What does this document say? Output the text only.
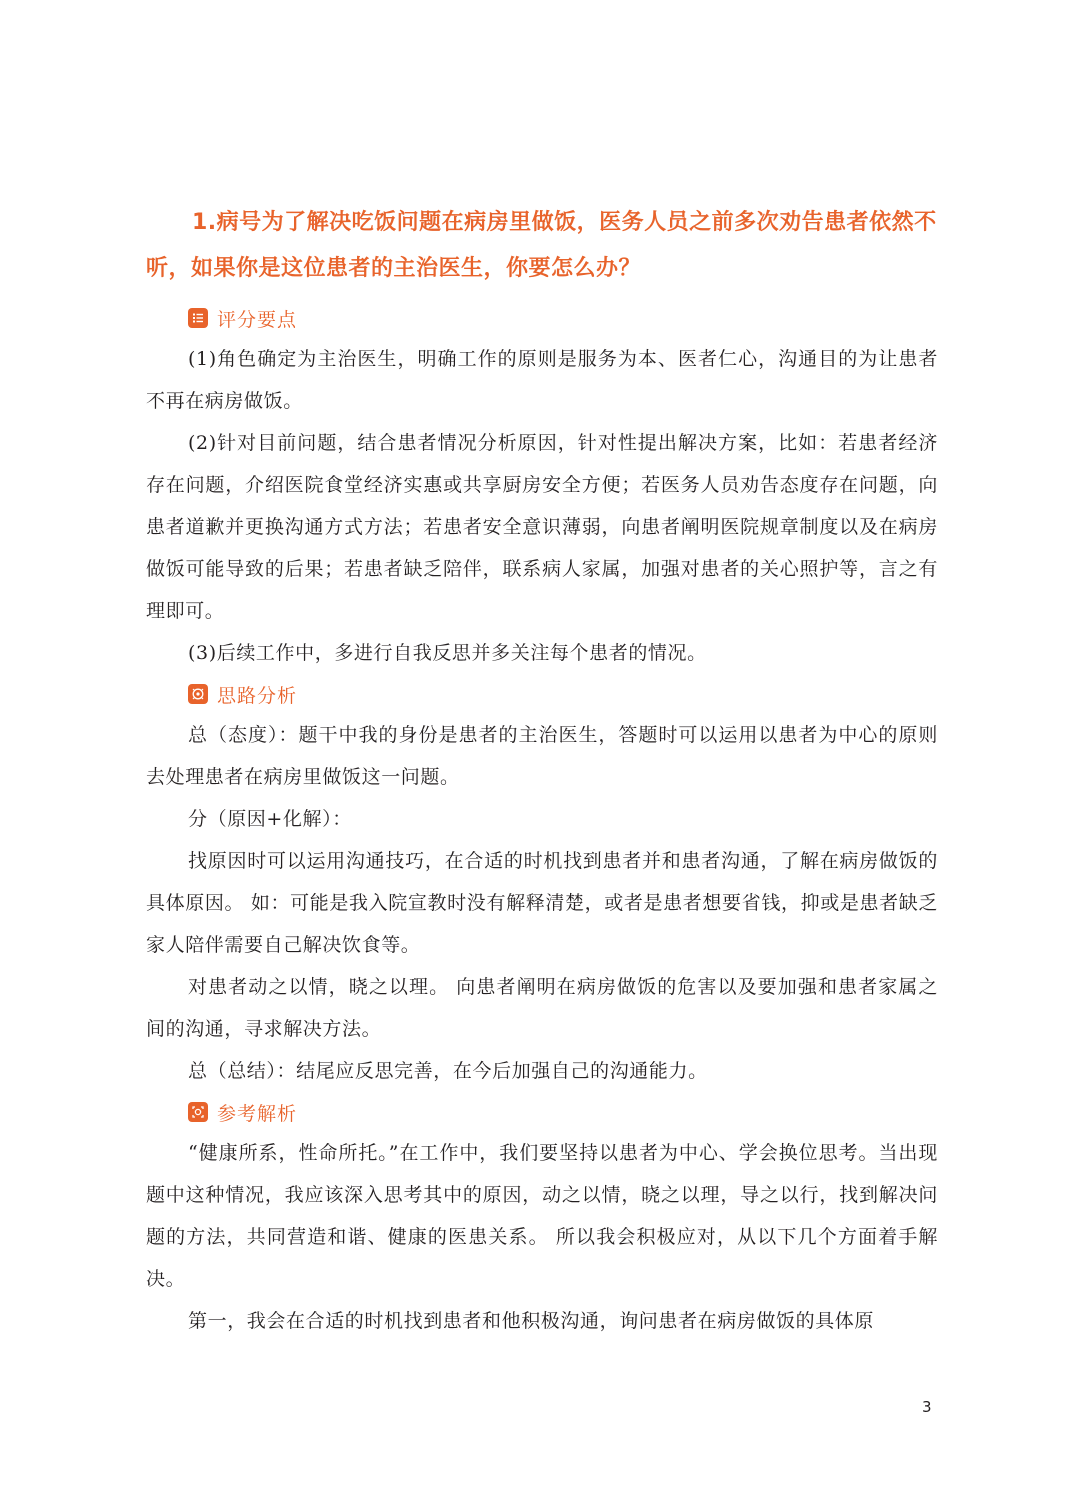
1.病号为了解决吃饭问题在病房里做饭，医务人员之前多次劝告患者依然不听，如果你是这位患者的主治医生，你要怎么办？

评分要点

(1)角色确定为主治医生，明确工作的原则是服务为本、医者仁心，沟通目的为让患者不再在病房做饭。

(2)针对目前问题，结合患者情况分析原因，针对性提出解决方案，比如：若患者经济存在问题，介绍医院食堂经济实惠或共享厨房安全方便；若医务人员劝告态度存在问题，向患者道歉并更换沟通方式方法；若患者安全意识薄弱，向患者阐明医院规章制度以及在病房做饭可能导致的后果；若患者缺乏陪伴，联系病人家属，加强对患者的关心照护等，言之有理即可。

(3)后续工作中，多进行自我反思并多关注每个患者的情况。

思路分析

总（态度）：题干中我的身份是患者的主治医生，答题时可以运用以患者为中心的原则去处理患者在病房里做饭这一问题。

分（原因+化解）：

找原因时可以运用沟通技巧，在合适的时机找到患者并和患者沟通，了解在病房做饭的具体原因。 如：可能是我入院宣教时没有解释清楚，或者是患者想要省钱，抑或是患者缺乏家人陪伴需要自己解决饮食等。

对患者动之以情，晓之以理。 向患者阐明在病房做饭的危害以及要加强和患者家属之间的沟通，寻求解决方法。

总（总结）：结尾应反思完善，在今后加强自己的沟通能力。

参考解析

“健康所系，性命所托。”在工作中，我们要坚持以患者为中心、学会换位思考。当出现题中这种情况，我应该深入思考其中的原因，动之以情，晓之以理，导之以行，找到解决问题的方法，共同营造和谐、健康的医患关系。 所以我会积极应对，从以下几个方面着手解决。

第一，我会在合适的时机找到患者和他积极沟通，询问患者在病房做饭的具体原

3
